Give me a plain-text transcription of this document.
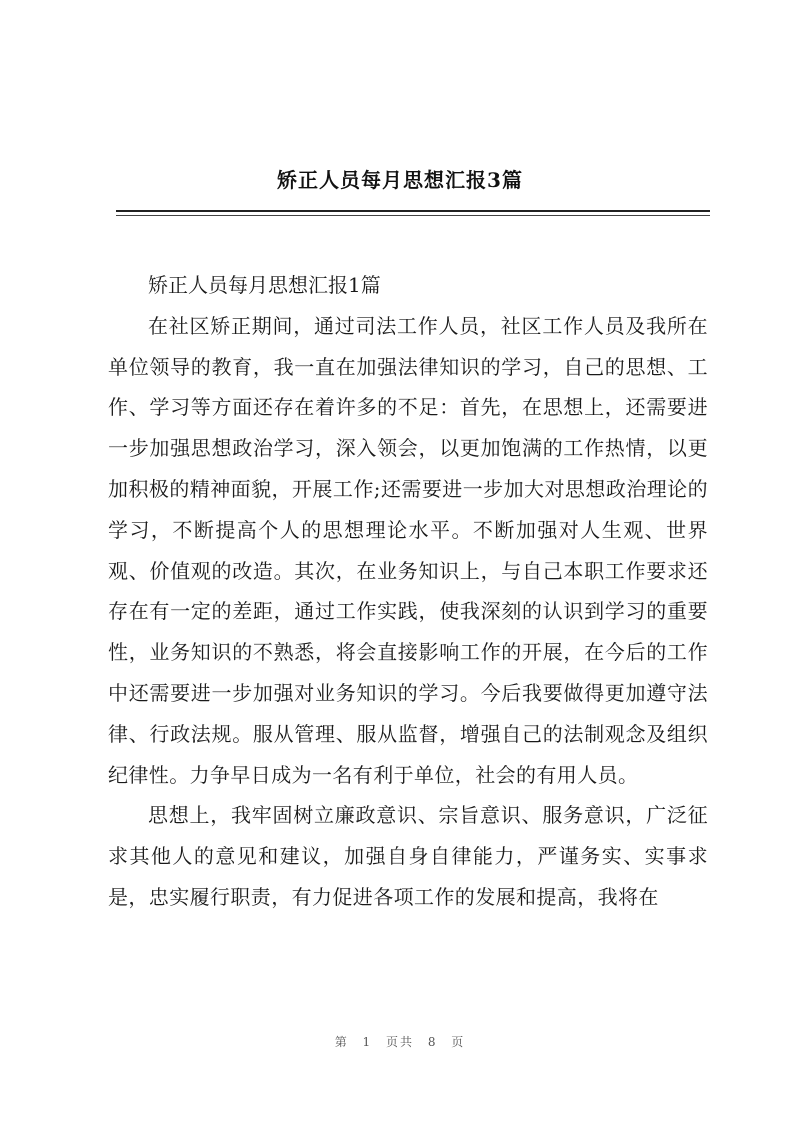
矫正人员每月思想汇报3篇

矫正人员每月思想汇报1篇

在社区矫正期间，通过司法工作人员，社区工作人员及我所在单位领导的教育，我一直在加强法律知识的学习，自己的思想、工作、学习等方面还存在着许多的不足：首先，在思想上，还需要进一步加强思想政治学习，深入领会，以更加饱满的工作热情，以更加积极的精神面貌，开展工作;还需要进一步加大对思想政治理论的学习，不断提高个人的思想理论水平。不断加强对人生观、世界观、价值观的改造。其次，在业务知识上，与自己本职工作要求还存在有一定的差距，通过工作实践，使我深刻的认识到学习的重要性，业务知识的不熟悉，将会直接影响工作的开展，在今后的工作中还需要进一步加强对业务知识的学习。今后我要做得更加遵守法律、行政法规。服从管理、服从监督，增强自己的法制观念及组织纪律性。力争早日成为一名有利于单位，社会的有用人员。

思想上，我牢固树立廉政意识、宗旨意识、服务意识，广泛征求其他人的意见和建议，加强自身自律能力，严谨务实、实事求是，忠实履行职责，有力促进各项工作的发展和提高，我将在

第 1 页共 8 页
